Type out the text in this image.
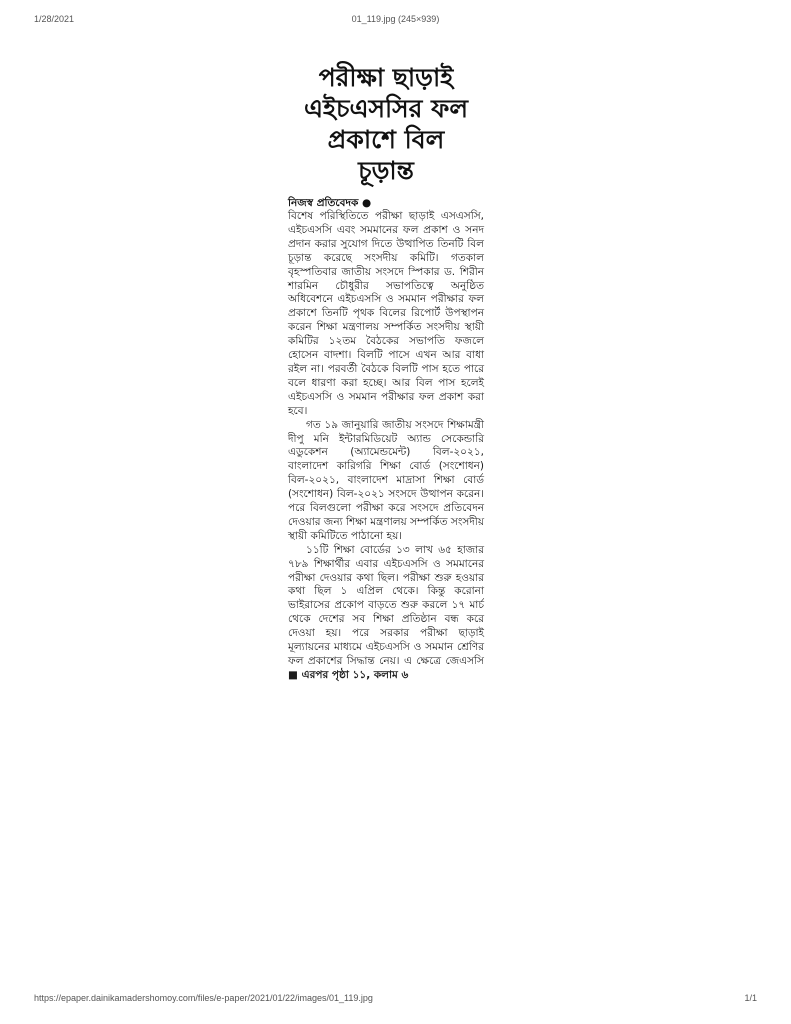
1/28/2021	01_119.jpg (245×939)
পরীক্ষা ছাড়াই
এইচএসসির ফল
প্রকাশে বিল
চূড়ান্ত
নিজস্ব প্রতিবেদক ●

বিশেষ পরিস্থিতিতে পরীক্ষা ছাড়াই এসএসসি, এইচএসসি এবং সমমানের ফল প্রকাশ ও সনদ প্রদান করার সুযোগ দিতে উত্থাপিত তিনটি বিল চূড়ান্ত করেছে সংসদীয় কমিটি। গতকাল বৃহস্পতিবার জাতীয় সংসদে স্পিকার ড. শিরীন শারমিন চৌধুরীর সভাপতিত্বে অনুষ্ঠিত অধিবেশনে এইচএসসি ও সমমান পরীক্ষার ফল প্রকাশে তিনটি পৃথক বিলের রিপোর্ট উপস্থাপন করেন শিক্ষা মন্ত্রণালয় সম্পর্কিত সংসদীয় স্থায়ী কমিটির ১২তম বৈঠকের সভাপতি ফজলে হোসেন বাদশা। বিলটি পাসে এখন আর বাধা রইল না। পরবর্তী বৈঠকে বিলটি পাস হতে পারে বলে ধারণা করা হচ্ছে। আর বিল পাস হলেই এইচএসসি ও সমমান পরীক্ষার ফল প্রকাশ করা হবে।

গত ১৯ জানুয়ারি জাতীয় সংসদে শিক্ষামন্ত্রী দীপু মনি ইন্টারমিডিয়েট অ্যান্ড সেকেন্ডারি এডুকেশন (অ্যামেন্ডমেন্ট) বিল-২০২১, বাংলাদেশ কারিগরি শিক্ষা বোর্ড (সংশোধন) বিল-২০২১, বাংলাদেশ মাদ্রাসা শিক্ষা বোর্ড (সংশোধন) বিল-২০২১ সংসদে উত্থাপন করেন। পরে বিলগুলো পরীক্ষা করে সংসদে প্রতিবেদন দেওয়ার জন্য শিক্ষা মন্ত্রণালয় সম্পর্কিত সংসদীয় স্থায়ী কমিটিতে পাঠানো হয়।

১১টি শিক্ষা বোর্ডের ১৩ লাখ ৬৫ হাজার ৭৮৯ শিক্ষার্থীর এবার এইচএসসি ও সমমানের পরীক্ষা দেওয়ার কথা ছিল। পরীক্ষা শুরু হওয়ার কথা ছিল ১ এপ্রিল থেকে। কিন্তু করোনা ভাইরাসের প্রকোপ বাড়তে শুরু করলে ১৭ মার্চ থেকে দেশের সব শিক্ষা প্রতিষ্ঠান বন্ধ করে দেওয়া হয়। পরে সরকার পরীক্ষা ছাড়াই মূল্যায়নের মাধ্যমে এইচএসসি ও সমমান শ্রেণির ফল প্রকাশের সিদ্ধান্ত নেয়। এ ক্ষেত্রে জেএসসি ■ এরপর পৃষ্ঠা ১১, কলাম ৬

https://epaper.dainikamadershomoy.com/files/e-paper/2021/01/22/images/01_119.jpg	1/1
